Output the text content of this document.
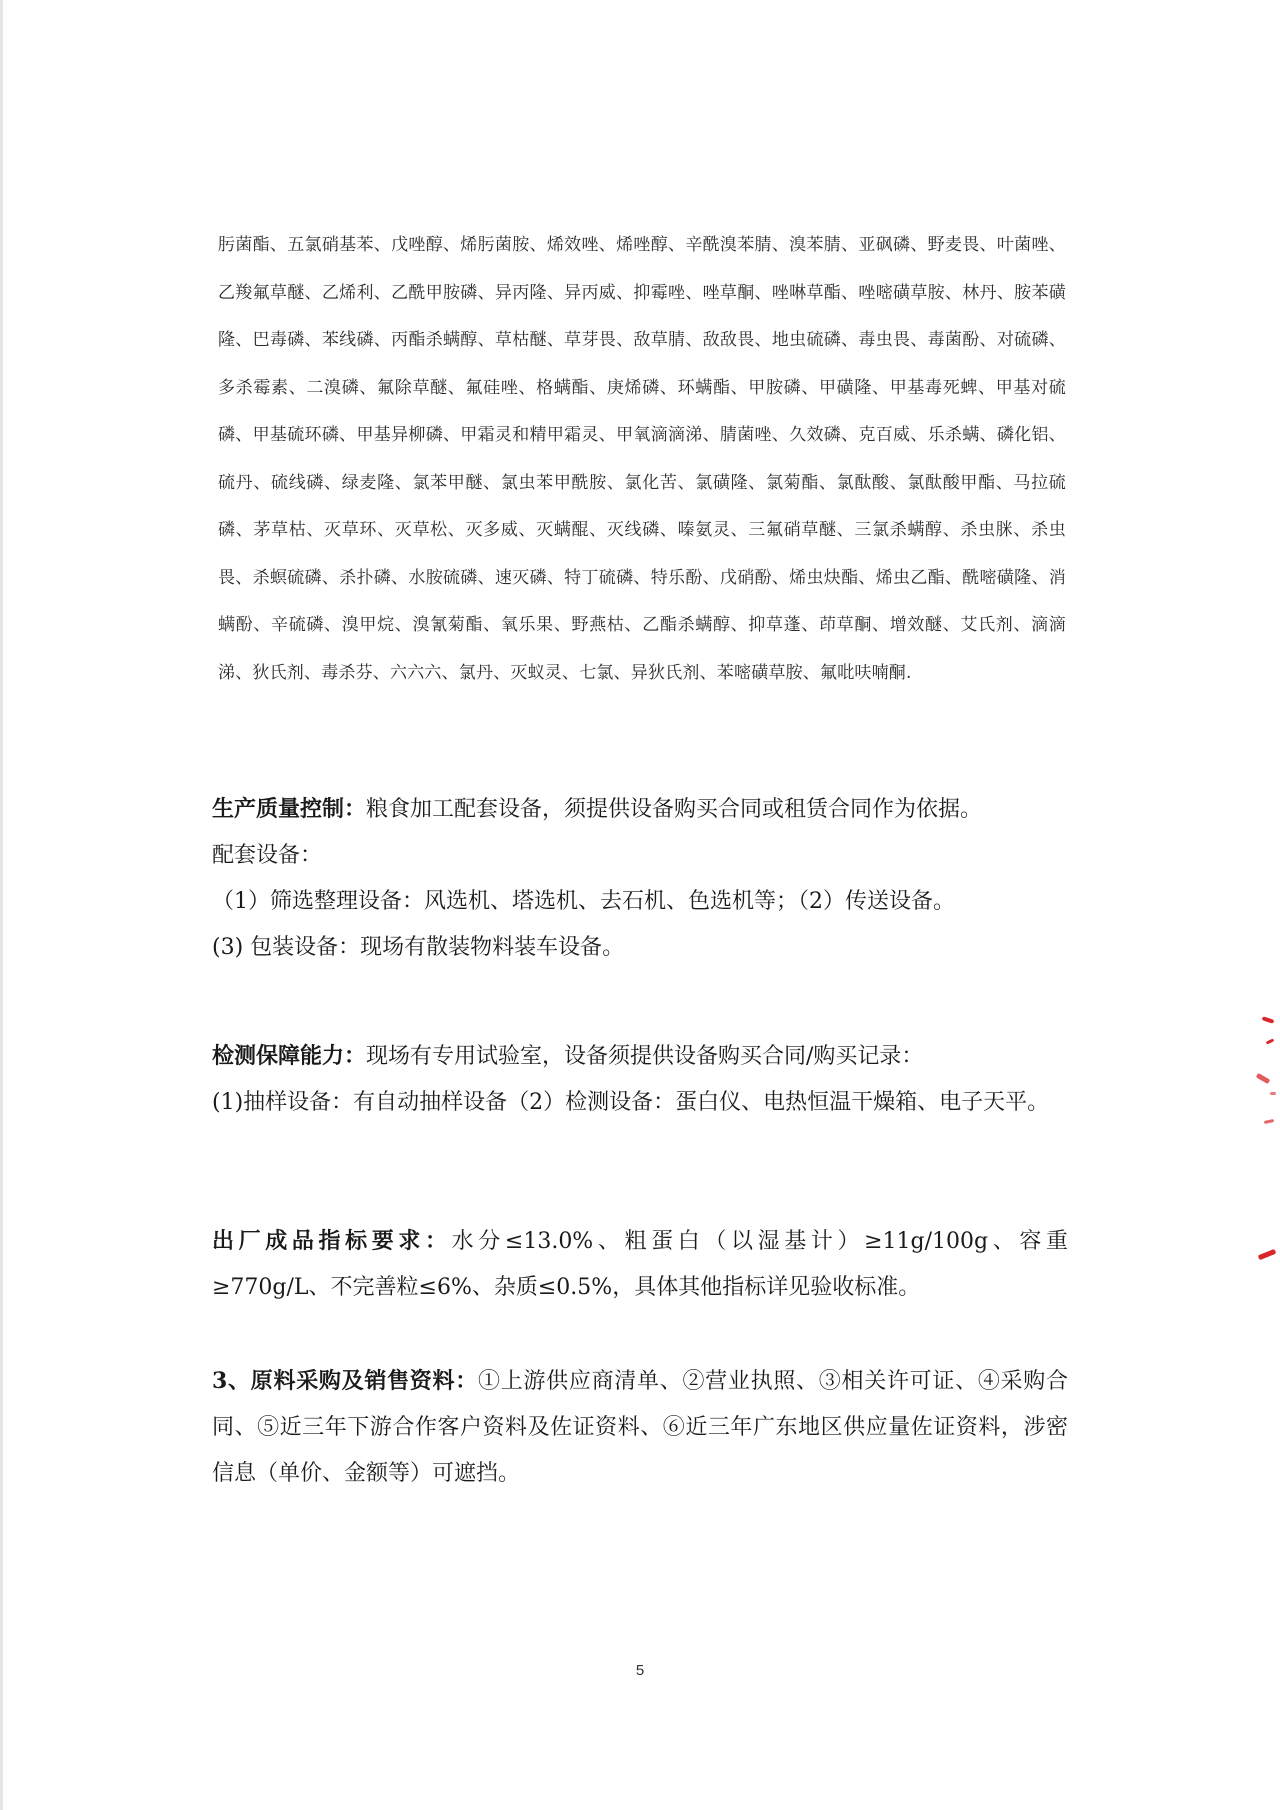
肟菌酯、五氯硝基苯、戊唑醇、烯肟菌胺、烯效唑、烯唑醇、辛酰溴苯腈、溴苯腈、亚砜磷、野麦畏、叶菌唑、乙羧氟草醚、乙烯利、乙酰甲胺磷、异丙隆、异丙威、抑霉唑、唑草酮、唑啉草酯、唑嘧磺草胺、林丹、胺苯磺隆、巴毒磷、苯线磷、丙酯杀螨醇、草枯醚、草芽畏、敌草腈、敌敌畏、地虫硫磷、毒虫畏、毒菌酚、对硫磷、多杀霉素、二溴磷、氟除草醚、氟硅唑、格螨酯、庚烯磷、环螨酯、甲胺磷、甲磺隆、甲基毒死蜱、甲基对硫磷、甲基硫环磷、甲基异柳磷、甲霜灵和精甲霜灵、甲氧滴滴涕、腈菌唑、久效磷、克百威、乐杀螨、磷化铝、硫丹、硫线磷、绿麦隆、氯苯甲醚、氯虫苯甲酰胺、氯化苦、氯磺隆、氯菊酯、氯酞酸、氯酞酸甲酯、马拉硫磷、茅草枯、灭草环、灭草松、灭多威、灭螨醌、灭线磷、嗪氨灵、三氟硝草醚、三氯杀螨醇、杀虫脒、杀虫畏、杀螟硫磷、杀扑磷、水胺硫磷、速灭磷、特丁硫磷、特乐酚、戊硝酚、烯虫炔酯、烯虫乙酯、酰嘧磺隆、消螨酚、辛硫磷、溴甲烷、溴氰菊酯、氧乐果、野燕枯、乙酯杀螨醇、抑草蓬、茚草酮、增效醚、艾氏剂、滴滴涕、狄氏剂、毒杀芬、六六六、氯丹、灭蚁灵、七氯、异狄氏剂、苯嘧磺草胺、氟吡呋喃酮.

生产质量控制：粮食加工配套设备，须提供设备购买合同或租赁合同作为依据。

配套设备：

（1）筛选整理设备：风选机、塔选机、去石机、色选机等；（2）传送设备。

(3) 包装设备：现场有散装物料装车设备。

检测保障能力：现场有专用试验室，设备须提供设备购买合同/购买记录：

(1)抽样设备：有自动抽样设备（2）检测设备：蛋白仪、电热恒温干燥箱、电子天平。

出厂成品指标要求：水分≤13.0%、粗蛋白（以湿基计）≥11g/100g、容重≥770g/L、不完善粒≤6%、杂质≤0.5%，具体其他指标详见验收标准。

3、原料采购及销售资料：①上游供应商清单、②营业执照、③相关许可证、④采购合同、⑤近三年下游合作客户资料及佐证资料、⑥近三年广东地区供应量佐证资料，涉密信息（单价、金额等）可遮挡。

5
